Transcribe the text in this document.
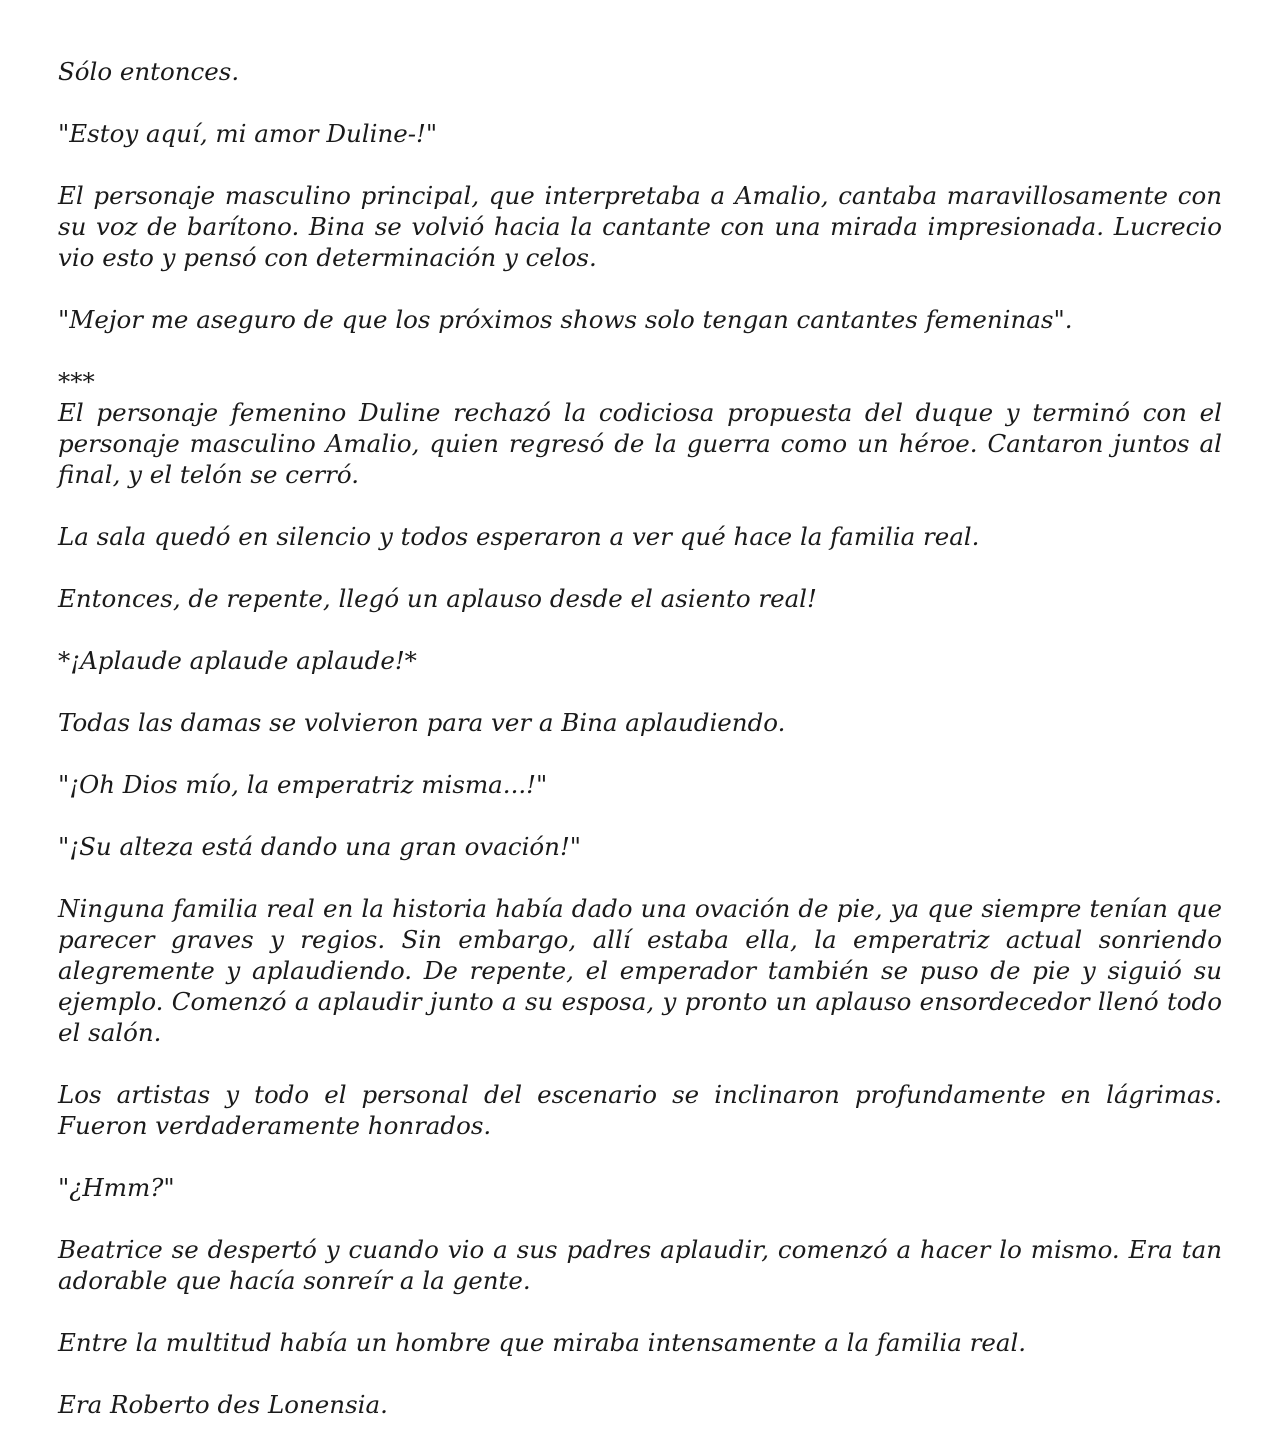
Sólo entonces.

"Estoy aquí, mi amor Duline-!"

El personaje masculino principal, que interpretaba a Amalio, cantaba maravillosamente con su voz de barítono. Bina se volvió hacia la cantante con una mirada impresionada. Lucrecio vio esto y pensó con determinación y celos.

"Mejor me aseguro de que los próximos shows solo tengan cantantes femeninas".

***

El personaje femenino Duline rechazó la codiciosa propuesta del duque y terminó con el personaje masculino Amalio, quien regresó de la guerra como un héroe. Cantaron juntos al final, y el telón se cerró.

La sala quedó en silencio y todos esperaron a ver qué hace la familia real.

Entonces, de repente, llegó un aplauso desde el asiento real!

*¡Aplaude aplaude aplaude!*

Todas las damas se volvieron para ver a Bina aplaudiendo.

"¡Oh Dios mío, la emperatriz misma...!"

"¡Su alteza está dando una gran ovación!"

Ninguna familia real en la historia había dado una ovación de pie, ya que siempre tenían que parecer graves y regios. Sin embargo, allí estaba ella, la emperatriz actual sonriendo alegremente y aplaudiendo. De repente, el emperador también se puso de pie y siguió su ejemplo. Comenzó a aplaudir junto a su esposa, y pronto un aplauso ensordecedor llenó todo el salón.

Los artistas y todo el personal del escenario se inclinaron profundamente en lágrimas. Fueron verdaderamente honrados.

"¿Hmm?"

Beatrice se despertó y cuando vio a sus padres aplaudir, comenzó a hacer lo mismo. Era tan adorable que hacía sonreír a la gente.

Entre la multitud había un hombre que miraba intensamente a la familia real.

Era Roberto des Lonensia.
